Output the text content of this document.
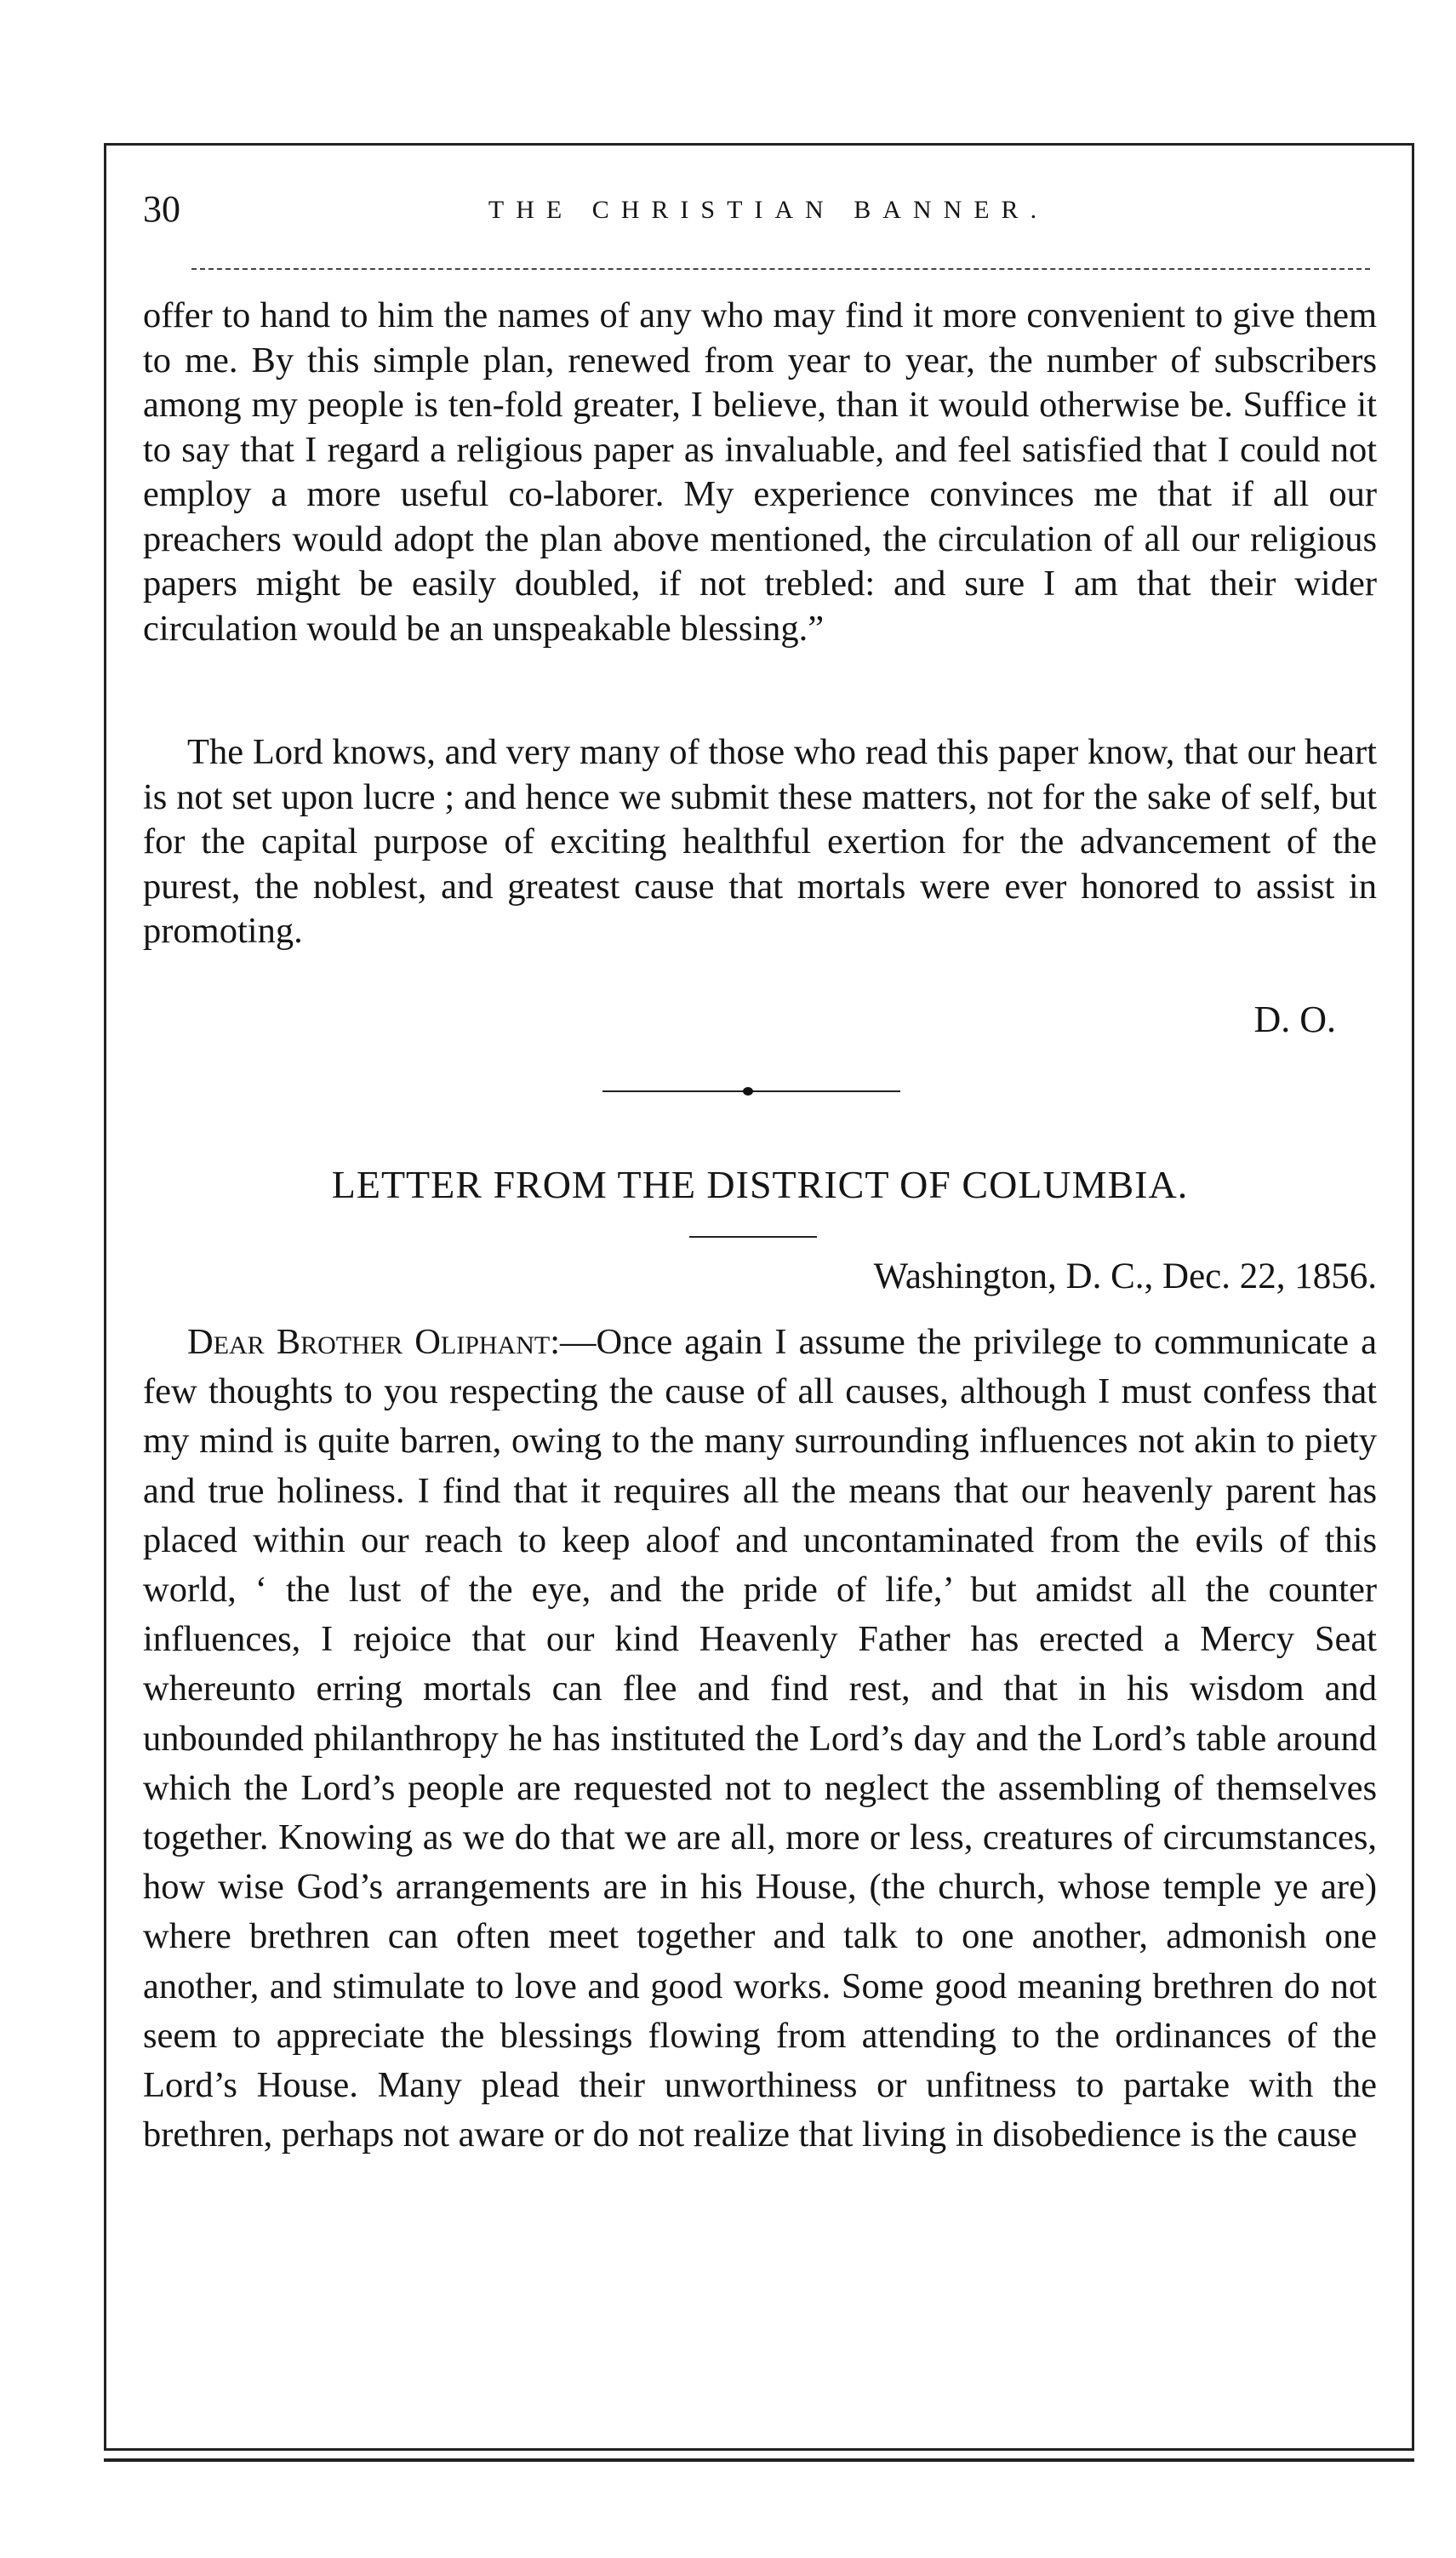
30	THE CHRISTIAN BANNER.

offer to hand to him the names of any who may find it more convenient to give them to me. By this simple plan, renewed from year to year, the number of subscribers among my people is ten-fold greater, I believe, than it would otherwise be. Suffice it to say that I regard a religious paper as invaluable, and feel satisfied that I could not employ a more useful co-laborer. My experience convinces me that if all our preachers would adopt the plan above mentioned, the circulation of all our religious papers might be easily doubled, if not trebled: and sure I am that their wider circulation would be an unspeakable blessing.”

The Lord knows, and very many of those who read this paper know, that our heart is not set upon lucre ; and hence we submit these matters, not for the sake of self, but for the capital purpose of exciting healthful exertion for the advancement of the purest, the noblest, and greatest cause that mortals were ever honored to assist in promoting.

D. O.
LETTER FROM THE DISTRICT OF COLUMBIA.
Washington, D. C., Dec. 22, 1856.

Dear Brother Oliphant:—Once again I assume the privilege to communicate a few thoughts to you respecting the cause of all causes, although I must confess that my mind is quite barren, owing to the many surrounding influences not akin to piety and true holiness. I find that it requires all the means that our heavenly parent has placed within our reach to keep aloof and uncontaminated from the evils of this world, ‘ the lust of the eye, and the pride of life,’ but amidst all the counter influences, I rejoice that our kind Heavenly Father has erected a Mercy Seat whereunto erring mortals can flee and find rest, and that in his wisdom and unbounded philanthropy he has instituted the Lord’s day and the Lord’s table around which the Lord’s people are requested not to neglect the assembling of themselves together. Knowing as we do that we are all, more or less, creatures of circumstances, how wise God’s arrangements are in his House, (the church, whose temple ye are) where brethren can often meet together and talk to one another, admonish one another, and stimulate to love and good works. Some good meaning brethren do not seem to appreciate the blessings flowing from attending to the ordinances of the Lord’s House. Many plead their unworthiness or unfitness to partake with the brethren, perhaps not aware or do not realize that living in disobedience is the cause
